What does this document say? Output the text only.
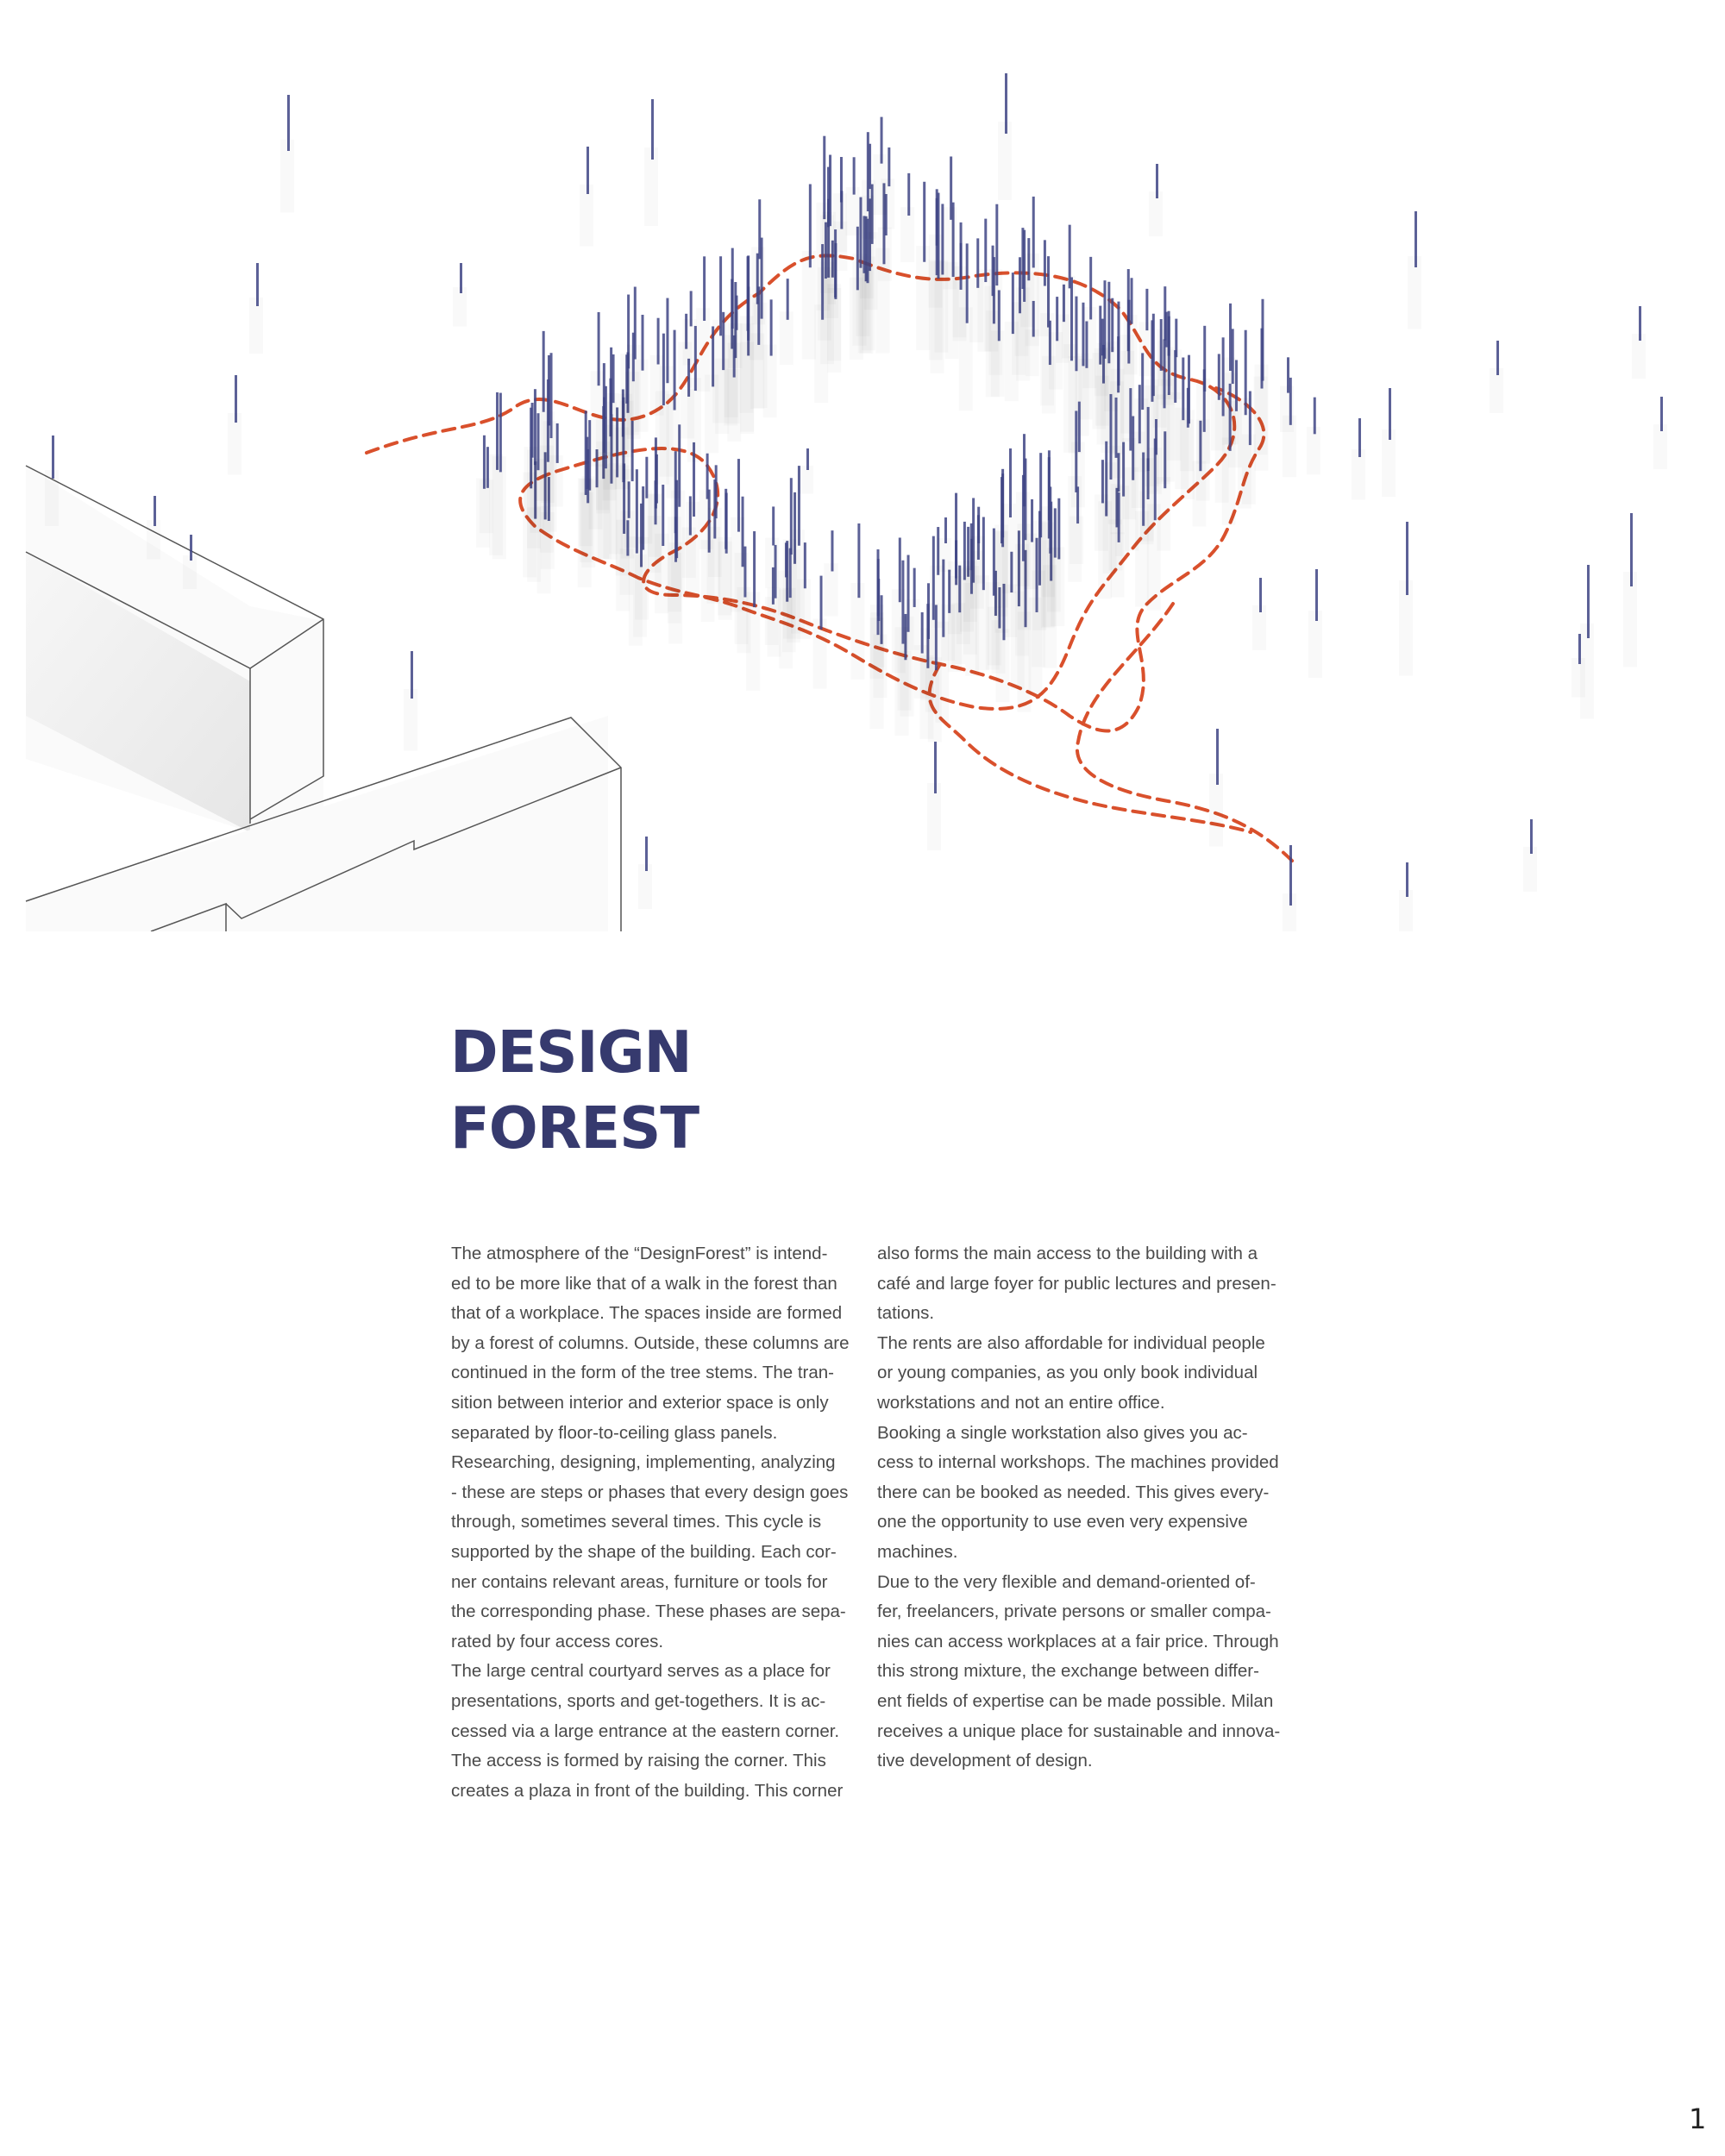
DESIGN
FOREST

The atmosphere of the “DesignForest” is intend-

ed to be more like that of a walk in the forest than

that of a workplace. The spaces inside are formed

by a forest of columns. Outside, these columns are

continued in the form of the tree stems. The tran-

sition between interior and exterior space is only

separated by floor-to-ceiling glass panels.

Researching, designing, implementing, analyzing

- these are steps or phases that every design goes

through, sometimes several times. This cycle is

supported by the shape of the building. Each cor-

ner contains relevant areas, furniture or tools for

the corresponding phase. These phases are sepa-

rated by four access cores.

The large central courtyard serves as a place for

presentations, sports and get-togethers. It is ac-

cessed via a large entrance at the eastern corner.

The access is formed by raising the corner. This

creates a plaza in front of the building. This corner

also forms the main access to the building with a

café and large foyer for public lectures and presen-

tations.

The rents are also affordable for individual people

or young companies, as you only book individual

workstations and not an entire office.

Booking a single workstation also gives you ac-

cess to internal workshops. The machines provided

there can be booked as needed. This gives every-

one the opportunity to use even very expensive

machines.

Due to the very flexible and demand-oriented of-

fer, freelancers, private persons or smaller compa-

nies can access workplaces at a fair price. Through

this strong mixture, the exchange between differ-

ent fields of expertise can be made possible. Milan

receives a unique place for sustainable and innova-

tive development of design.

1
